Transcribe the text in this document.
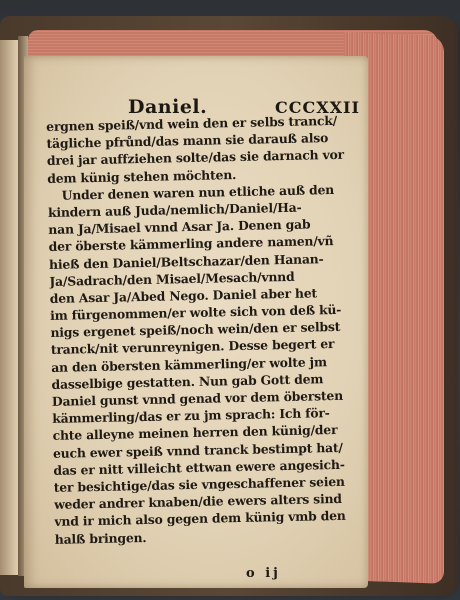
Daniel.	CCCXXII
ergnen speiß/vnd wein den er selbs tranck/
tägliche pfrůnd/das mann sie darauß also
drei jar auffziehen solte/das sie darnach vor
dem künig stehen möchten.
Under denen waren nun etliche auß den
kindern auß Juda/nemlich/Daniel/Ha-
nan Ja/Misael vnnd Asar Ja. Denen gab
der öberste kämmerling andere namen/vñ
hieß den Daniel/Beltschazar/den Hanan-
Ja/Sadrach/den Misael/Mesach/vnnd
den Asar Ja/Abed Nego. Daniel aber het
im fürgenommen/er wolte sich von deß kü-
nigs ergenet speiß/noch wein/den er selbst
tranck/nit verunreynigen. Desse begert er
an den öbersten kämmerling/er wolte jm
dasselbige gestatten. Nun gab Gott dem
Daniel gunst vnnd genad vor dem öbersten
kämmerling/das er zu jm sprach: Ich för-
chte alleyne meinen herren den künig/der
euch ewer speiß vnnd tranck bestimpt hat/
das er nitt villeicht ettwan ewere angesich-
ter besichtige/das sie vngeschaffener seien
weder andrer knaben/die ewers alters sind
vnd ir mich also gegen dem künig vmb den
halß bringen.
o ij
